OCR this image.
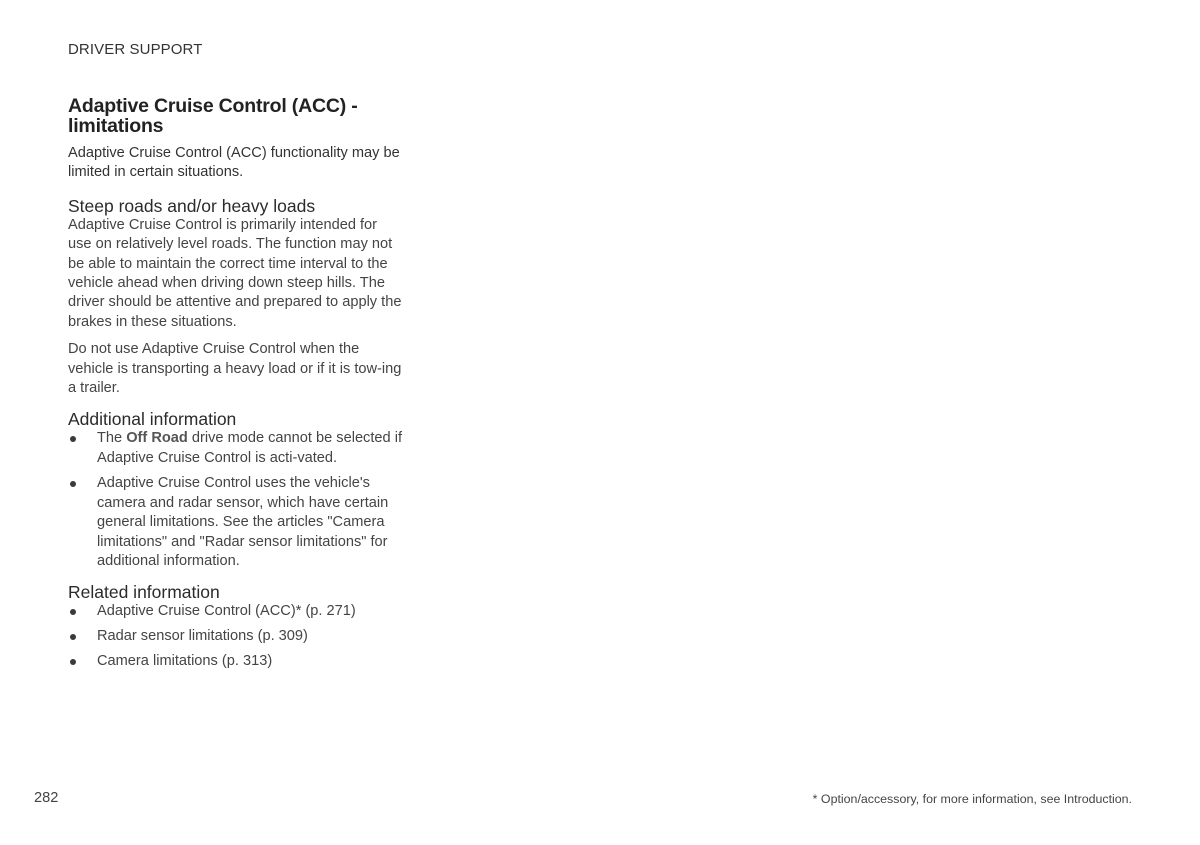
DRIVER SUPPORT
Adaptive Cruise Control (ACC) -
limitations

Adaptive Cruise Control (ACC) functionality may be limited in certain situations.

Steep roads and/or heavy loads

Adaptive Cruise Control is primarily intended for use on relatively level roads. The function may not be able to maintain the correct time interval to the vehicle ahead when driving down steep hills. The driver should be attentive and prepared to apply the brakes in these situations.

Do not use Adaptive Cruise Control when the vehicle is transporting a heavy load or if it is tow-ing a trailer.

Additional information
The Off Road drive mode cannot be selected if Adaptive Cruise Control is acti-vated.
Adaptive Cruise Control uses the vehicle's camera and radar sensor, which have certain general limitations. See the articles "Camera limitations" and "Radar sensor limitations" for additional information.
Related information
Adaptive Cruise Control (ACC)* (p. 271)
Radar sensor limitations (p. 309)
Camera limitations (p. 313)
282	* Option/accessory, for more information, see Introduction.
